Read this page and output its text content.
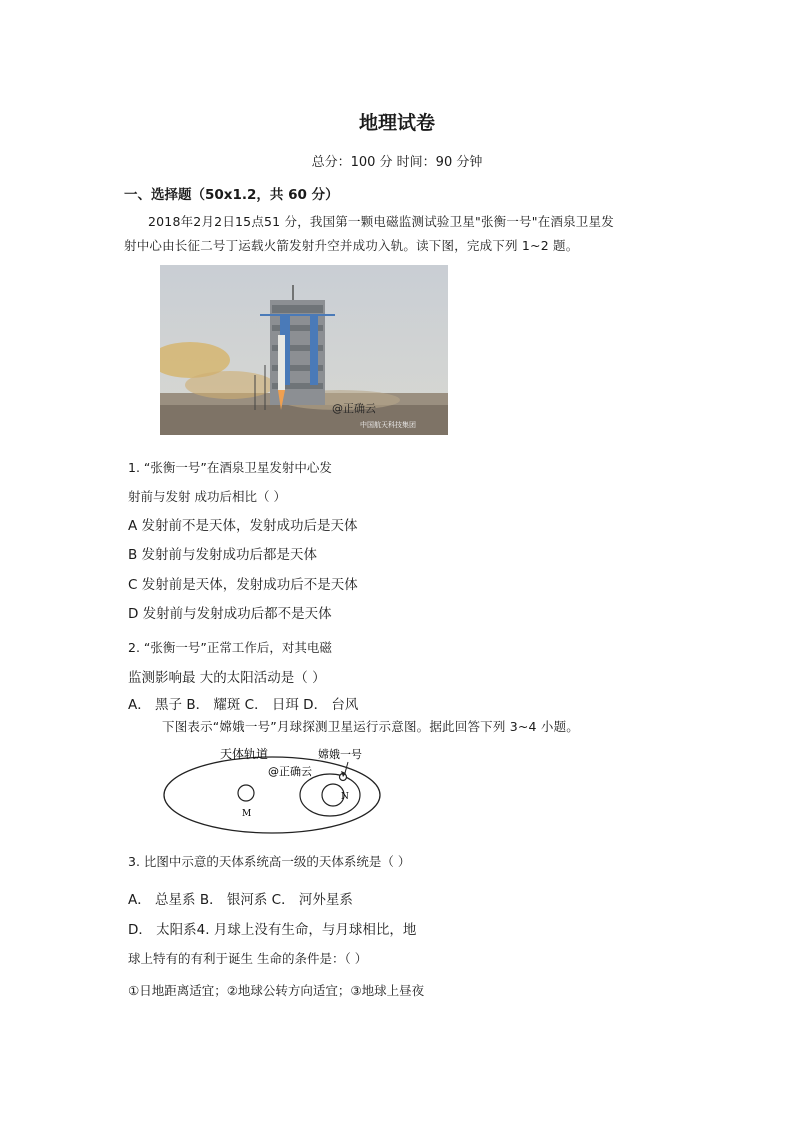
地理试卷
总分：100 分 时间：90 分钟
一、选择题（50x1.2，共 60 分）
2018年2月2日15点51 分，我国第一颗电磁监测试验卫星"张衡一号"在酒泉卫星发
射中心由长征二号丁运载火箭发射升空并成功入轨。读下图，完成下列 1~2 题。
@正确云
中国航天科技集团
1. “张衡一号”在酒泉卫星发射中心发
射前与发射 成功后相比（ ）
A 发射前不是天体，发射成功后是天体
B 发射前与发射成功后都是天体
C 发射前是天体，发射成功后不是天体
D 发射前与发射成功后都不是天体
2. “张衡一号”正常工作后，对其电磁
监测影响最 大的太阳活动是（ ）
A． 黑子 B． 耀斑 C． 日珥 D． 台风
下图表示“嫦娥一号”月球探测卫星运行示意图。据此回答下列 3~4 小题。
M
N
天体轨道	嫦娥一号
@正确云
3. 比图中示意的天体系统高一级的天体系统是（ ）
A． 总星系 B． 银河系 C． 河外星系
D． 太阳系4. 月球上没有生命，与月球相比，地
球上特有的有利于诞生 生命的条件是：（ ）
①日地距离适宜；②地球公转方向适宜；③地球上昼夜
